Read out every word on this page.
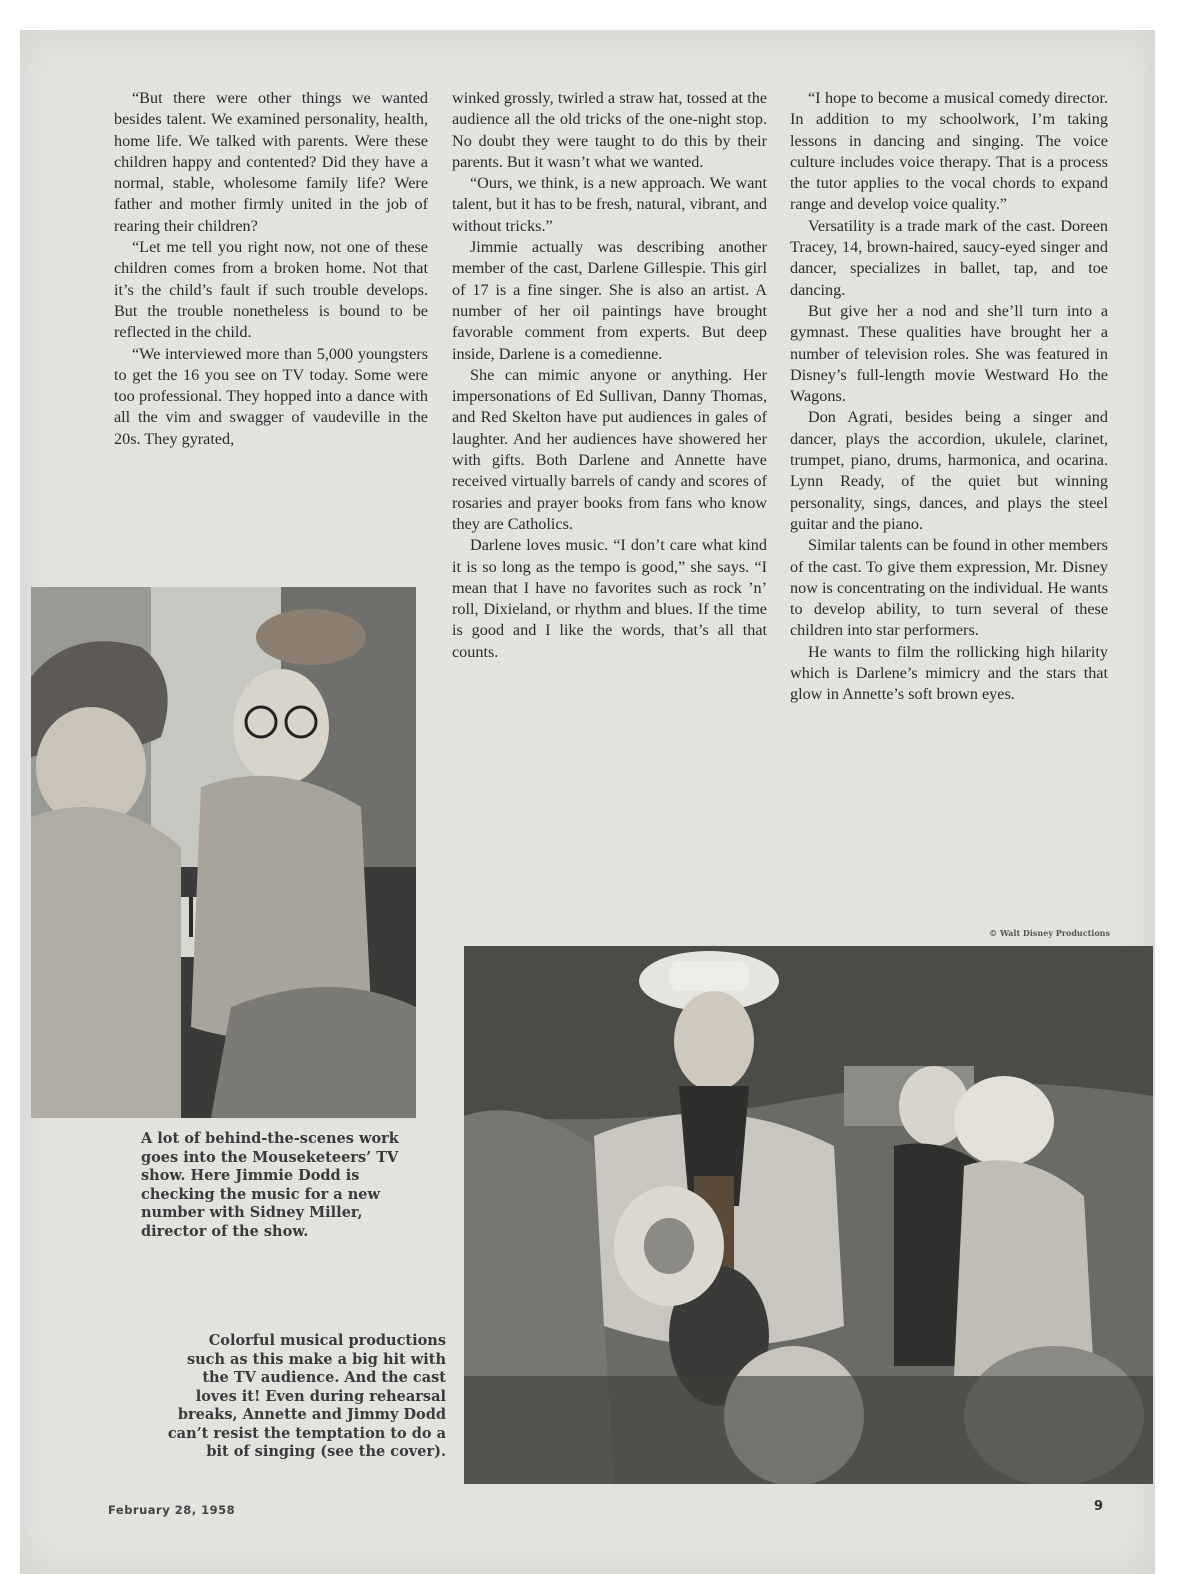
“But there were other things we wanted besides talent. We examined personality, health, home life. We talked with parents. Were these children happy and contented? Did they have a normal, stable, wholesome family life? Were father and mother firmly united in the job of rearing their children?

“Let me tell you right now, not one of these children comes from a broken home. Not that it’s the child’s fault if such trouble develops. But the trouble nonetheless is bound to be reflected in the child.

“We interviewed more than 5,000 youngsters to get the 16 you see on TV today. Some were too professional. They hopped into a dance with all the vim and swagger of vaudeville in the 20s. They gyrated,

winked grossly, twirled a straw hat, tossed at the audience all the old tricks of the one-night stop. No doubt they were taught to do this by their parents. But it wasn’t what we wanted.

“Ours, we think, is a new approach. We want talent, but it has to be fresh, natural, vibrant, and without tricks.”

Jimmie actually was describing another member of the cast, Darlene Gillespie. This girl of 17 is a fine singer. She is also an artist. A number of her oil paintings have brought favorable comment from experts. But deep inside, Darlene is a comedienne.

She can mimic anyone or anything. Her impersonations of Ed Sullivan, Danny Thomas, and Red Skelton have put audiences in gales of laughter. And her audiences have showered her with gifts. Both Darlene and Annette have received virtually barrels of candy and scores of rosaries and prayer books from fans who know they are Catholics.

Darlene loves music. “I don’t care what kind it is so long as the tempo is good,” she says. “I mean that I have no favorites such as rock ’n’ roll, Dixieland, or rhythm and blues. If the time is good and I like the words, that’s all that counts.

“I hope to become a musical comedy director. In addition to my schoolwork, I’m taking lessons in dancing and singing. The voice culture includes voice therapy. That is a process the tutor applies to the vocal chords to expand range and develop voice quality.”

Versatility is a trade mark of the cast. Doreen Tracey, 14, brown-haired, saucy-eyed singer and dancer, specializes in ballet, tap, and toe dancing.

But give her a nod and she’ll turn into a gymnast. These qualities have brought her a number of television roles. She was featured in Disney’s full-length movie Westward Ho the Wagons.

Don Agrati, besides being a singer and dancer, plays the accordion, ukulele, clarinet, trumpet, piano, drums, harmonica, and ocarina. Lynn Ready, of the quiet but winning personality, sings, dances, and plays the steel guitar and the piano.

Similar talents can be found in other members of the cast. To give them expression, Mr. Disney now is concentrating on the individual. He wants to develop ability, to turn several of these children into star performers.

He wants to film the rollicking high hilarity which is Darlene’s mimicry and the stars that glow in Annette’s soft brown eyes.

A lot of behind-the-scenes work goes into the Mouseketeers’ TV show. Here Jimmie Dodd is checking the music for a new number with Sidney Miller, director of the show.
© Walt Disney Productions
Colorful musical productions such as this make a big hit with the TV audience. And the cast loves it! Even during rehearsal breaks, Annette and Jimmy Dodd can’t resist the temptation to do a bit of singing (see the cover).
February 28, 1958	9
